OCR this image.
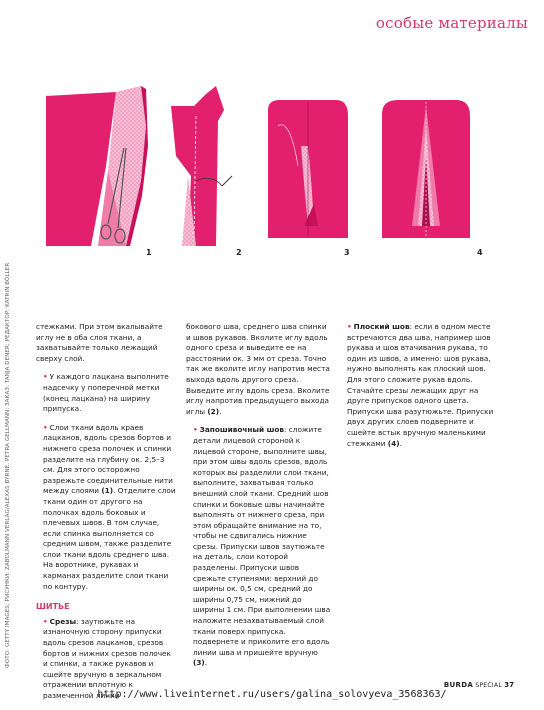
особые материалы
1	2	3	4
ФОТО: GETTY IMAGES; РИСУНКИ: ZABOLMANN VERLAG/ALEXAS BYRNE, PETRA GELLMANN; ЗАКАЗ: TANJA DENER; РЕДАКТОР: KATRIN BÖLLER	стежками. При этом вкалывайте иглу не в оба слоя ткани, а захватывайте только лежащий сверху слой.

• У каждого лацкана выполните надсечку у поперечной метки (конец лацкана) на ширину припуска.

• Слои ткани вдоль краев лацканов, вдоль срезов бортов и нижнего среза полочек и спинки разделите на глубину ок. 2,5–3 см. Для этого осторожно разрежьте соединительные нити между слоями (1). Отделите слои ткани один от другого на полочках вдоль боковых и плечевых швов. В том случае, если спинка выполняется со средним швом, также разделите слои ткани вдоль среднего шва. На воротнике, рукавах и карманах разделите слои ткани по контуру.

ШИТЬЕ

• Срезы: заутюжьте на изнаночную сторону припуски вдоль срезов лацканов, срезов бортов и нижних срезов полочек и спинки, а также рукавов и сшейте вручную в зеркальном отражении вплотную к размеченной линии

бокового шва, среднего шва спинки и швов рукавов. Вколите иглу вдоль одного среза и выведите ее на расстоянии ок. 3 мм от среза. Точно так же вколите иглу напротив места выхода вдоль другого среза. Выведите иглу вдоль среза. Вколите иглу напротив предыдущего выхода иглы (2).

• Запошивочный шов: сложите детали лицевой стороной к лицевой стороне, выполните швы, при этом швы вдоль срезов, вдоль которых вы разделили слои ткани, выполните, захватывая только внешний слой ткани. Средний шов спинки и боковые швы начинайте выполнять от нижнего среза, при этом обращайте внимание на то, чтобы не сдвигались нижние срезы. Припуски швов заутюжьте на деталь, слои которой разделены. Припуски швов срежьте ступенями: верхний до ширины ок. 0,5 см, средний до ширины 0,75 см, нижний до ширины 1 см. При выполнении шва наложите незахватываемый слой ткани поверх припуска. подвернете и приколите его вдоль линии шва и пришейте вручную (3).

• Плоский шов: если в одном месте встречаются два шва, например шов рукава и шов втачивания рукава, то один из швов, а именно: шов рукава, нужно выполнять как плоский шов. Для этого сложите рукав вдоль. Стачайте срезы лежащих друг на друге припусков одного цвета. Припуски шва разутюжьте. Припуски двух других слоев подверните и сшейте встык вручную маленькими стежками (4).

BURDA SPECIAL 37
http://www.liveinternet.ru/users/galina_solovyeva_3568363/
